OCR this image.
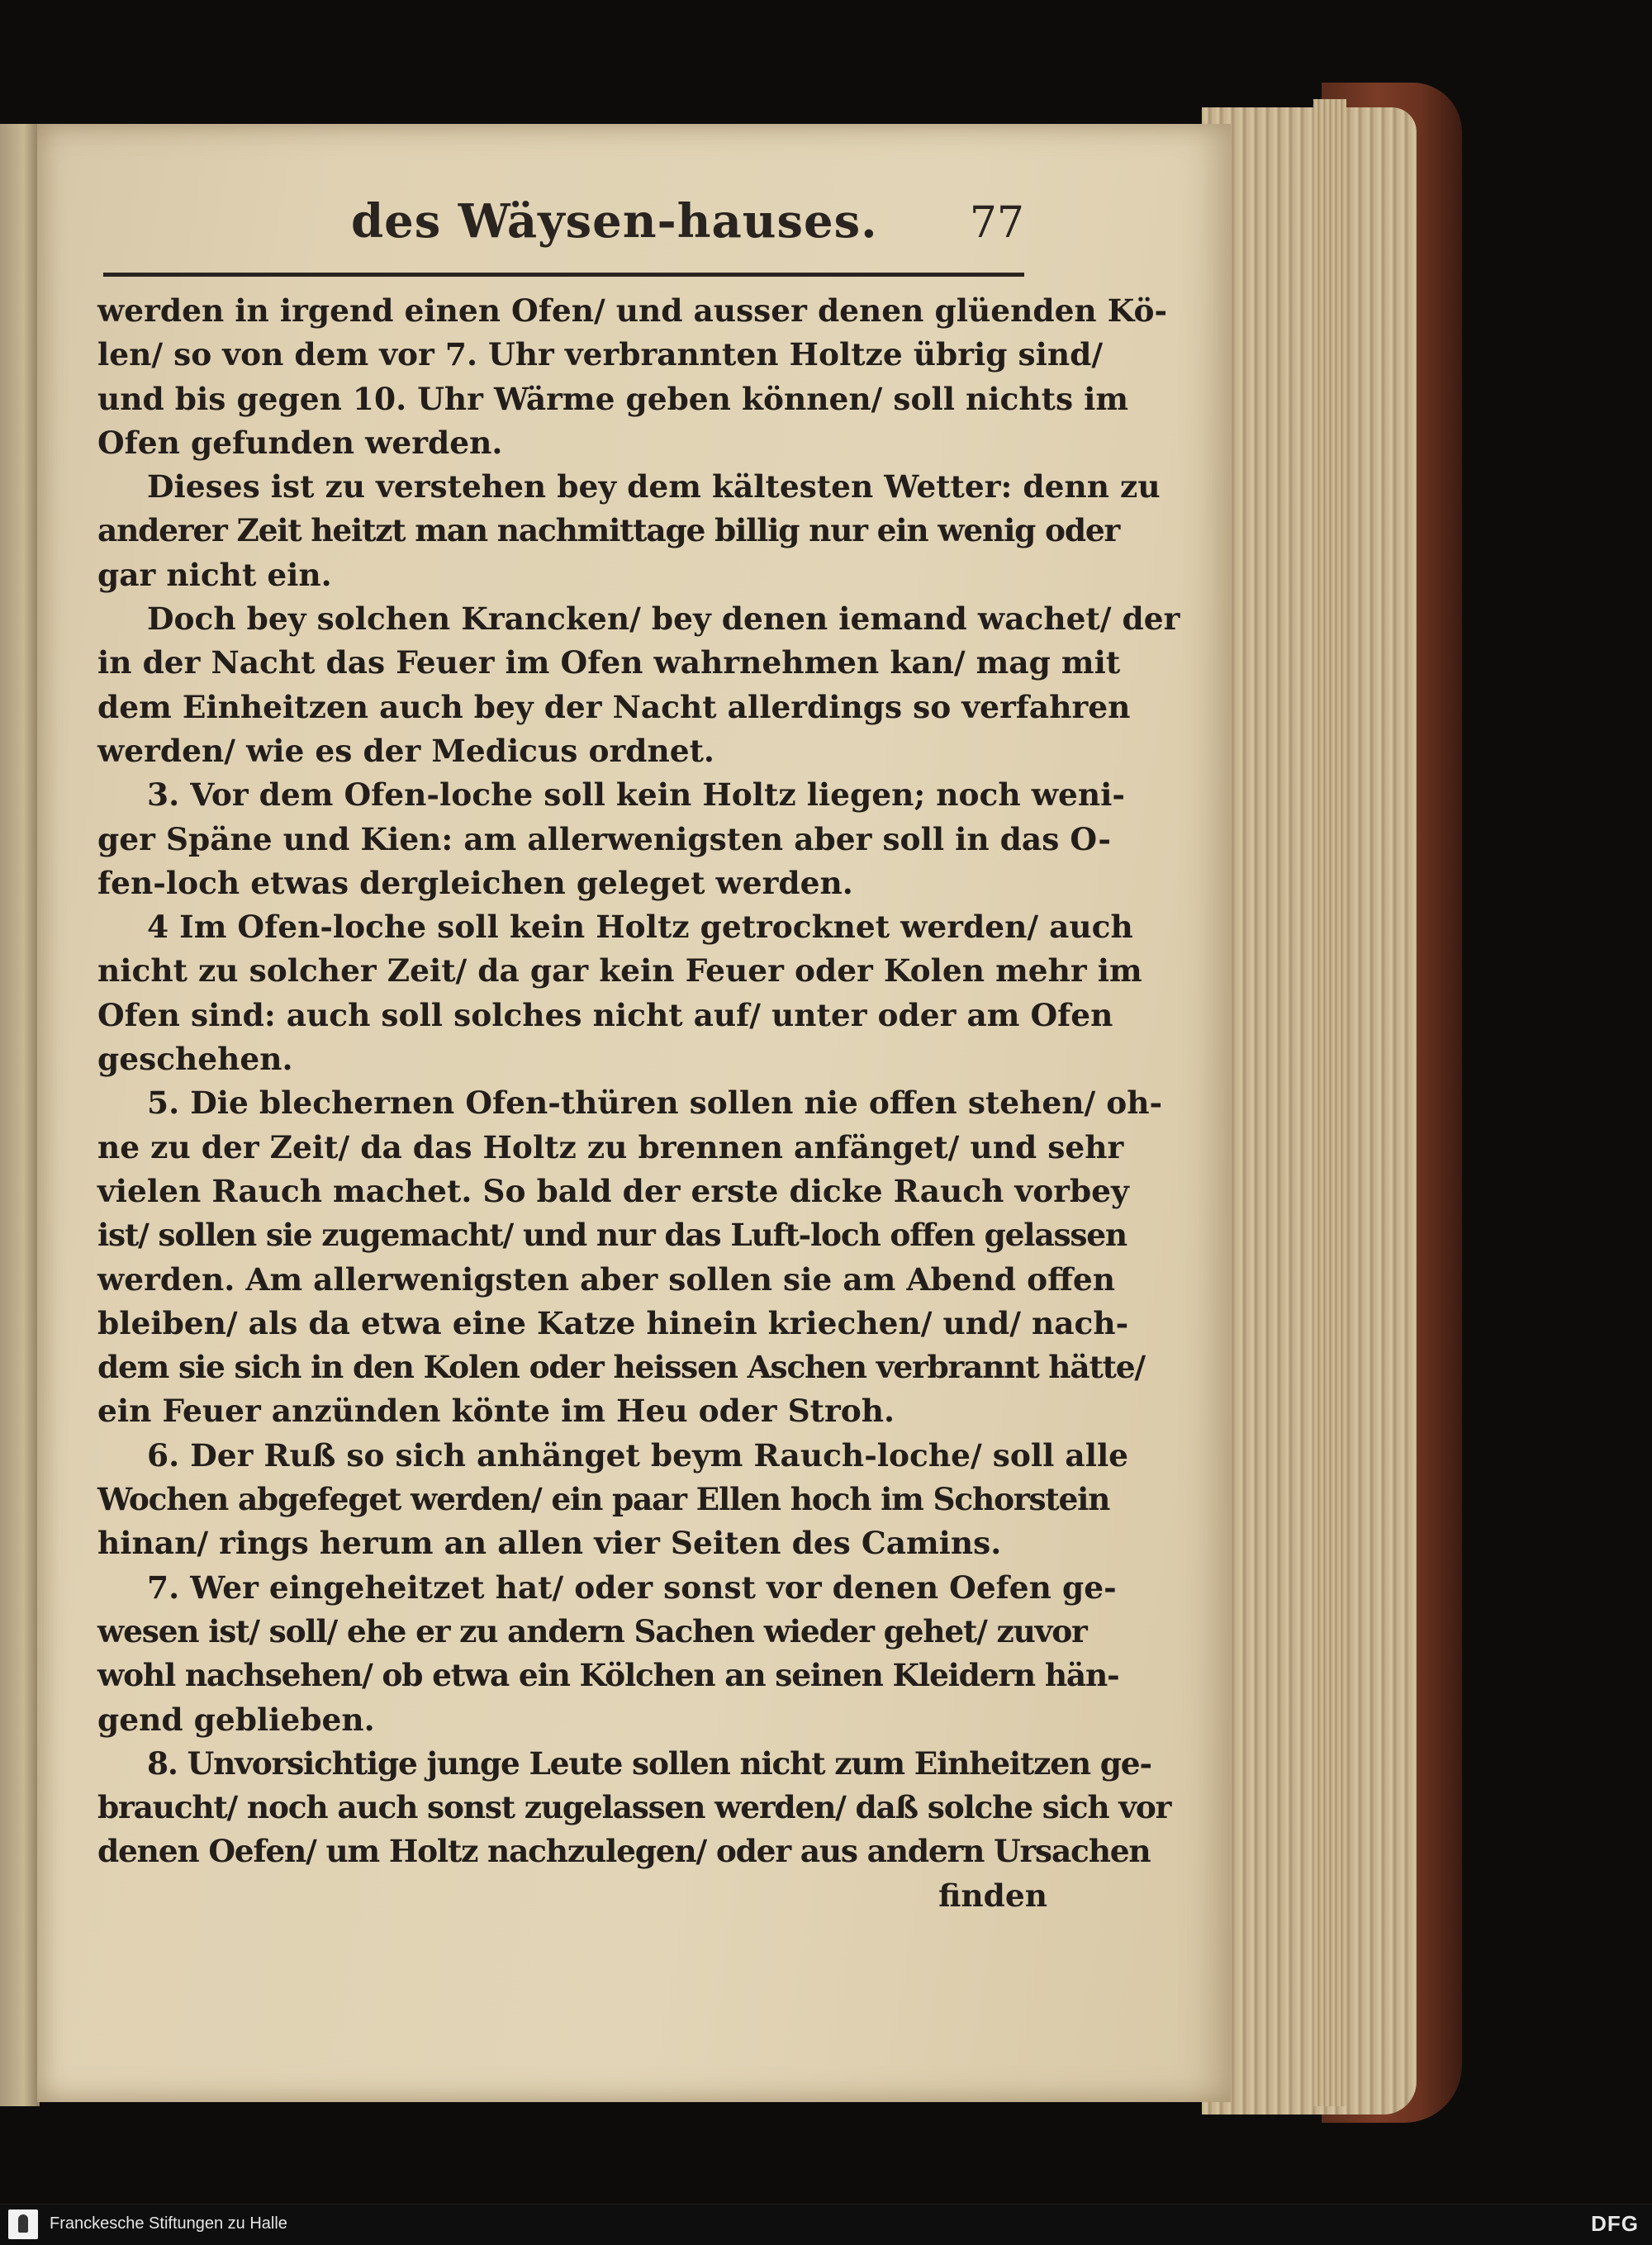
des Wäysen-hauses. 77
werden in irgend einen Ofen/ und ausser denen glüenden Kö-
len/ so von dem vor 7. Uhr verbrannten Holtze übrig sind/
und bis gegen 10. Uhr Wärme geben können/ soll nichts im
Ofen gefunden werden.
Dieses ist zu verstehen bey dem kältesten Wetter: denn zu
anderer Zeit heitzt man nachmittage billig nur ein wenig oder
gar nicht ein.
Doch bey solchen Krancken/ bey denen iemand wachet/ der
in der Nacht das Feuer im Ofen wahrnehmen kan/ mag mit
dem Einheitzen auch bey der Nacht allerdings so verfahren
werden/ wie es der Medicus ordnet.
3. Vor dem Ofen-loche soll kein Holtz liegen; noch weni-
ger Späne und Kien: am allerwenigsten aber soll in das O-
fen-loch etwas dergleichen geleget werden.
4 Im Ofen-loche soll kein Holtz getrocknet werden/ auch
nicht zu solcher Zeit/ da gar kein Feuer oder Kolen mehr im
Ofen sind: auch soll solches nicht auf/ unter oder am Ofen
geschehen.
5. Die blechernen Ofen-thüren sollen nie offen stehen/ oh-
ne zu der Zeit/ da das Holtz zu brennen anfänget/ und sehr
vielen Rauch machet. So bald der erste dicke Rauch vorbey
ist/ sollen sie zugemacht/ und nur das Luft-loch offen gelassen
werden. Am allerwenigsten aber sollen sie am Abend offen
bleiben/ als da etwa eine Katze hinein kriechen/ und/ nach-
dem sie sich in den Kolen oder heissen Aschen verbrannt hätte/
ein Feuer anzünden könte im Heu oder Stroh.
6. Der Ruß so sich anhänget beym Rauch-loche/ soll alle
Wochen abgefeget werden/ ein paar Ellen hoch im Schorstein
hinan/ rings herum an allen vier Seiten des Camins.
7. Wer eingeheitzet hat/ oder sonst vor denen Oefen ge-
wesen ist/ soll/ ehe er zu andern Sachen wieder gehet/ zuvor
wohl nachsehen/ ob etwa ein Kölchen an seinen Kleidern hän-
gend geblieben.
8. Unvorsichtige junge Leute sollen nicht zum Einheitzen ge-
braucht/ noch auch sonst zugelassen werden/ daß solche sich vor
denen Oefen/ um Holtz nachzulegen/ oder aus andern Ursachen
finden
Franckesche Stiftungen zu Halle	DFG
